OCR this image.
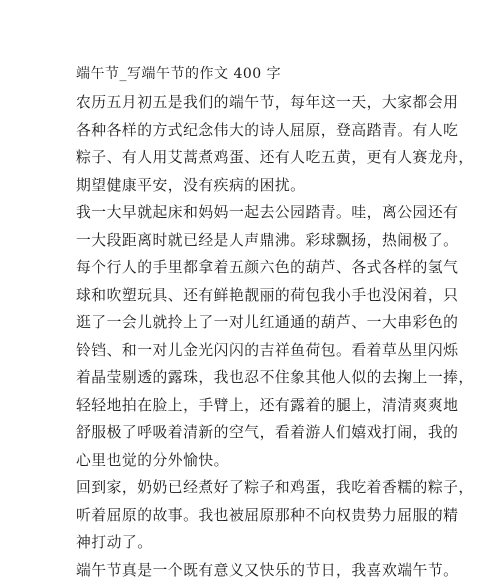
端午节_写端午节的作文 400 字

农历五月初五是我们的端午节，每年这一天，大家都会用
各种各样的方式纪念伟大的诗人屈原，登高踏青。有人吃
粽子、有人用艾蒿煮鸡蛋、还有人吃五黄，更有人赛龙舟，
期望健康平安，没有疾病的困扰。

我一大早就起床和妈妈一起去公园踏青。哇，离公园还有
一大段距离时就已经是人声鼎沸。彩球飘扬，热闹极了。
每个行人的手里都拿着五颜六色的葫芦、各式各样的氢气
球和吹塑玩具、还有鲜艳靓丽的荷包我小手也没闲着，只
逛了一会儿就拎上了一对儿红通通的葫芦、一大串彩色的
铃铛、和一对儿金光闪闪的吉祥鱼荷包。看着草丛里闪烁
着晶莹剔透的露珠，我也忍不住象其他人似的去掬上一捧，
轻轻地拍在脸上，手臂上，还有露着的腿上，清清爽爽地
舒服极了呼吸着清新的空气，看着游人们嬉戏打闹，我的
心里也觉的分外愉快。

回到家，奶奶已经煮好了粽子和鸡蛋，我吃着香糯的粽子，
听着屈原的故事。我也被屈原那种不向权贵势力屈服的精
神打动了。

端午节真是一个既有意义又快乐的节日，我喜欢端午节。
